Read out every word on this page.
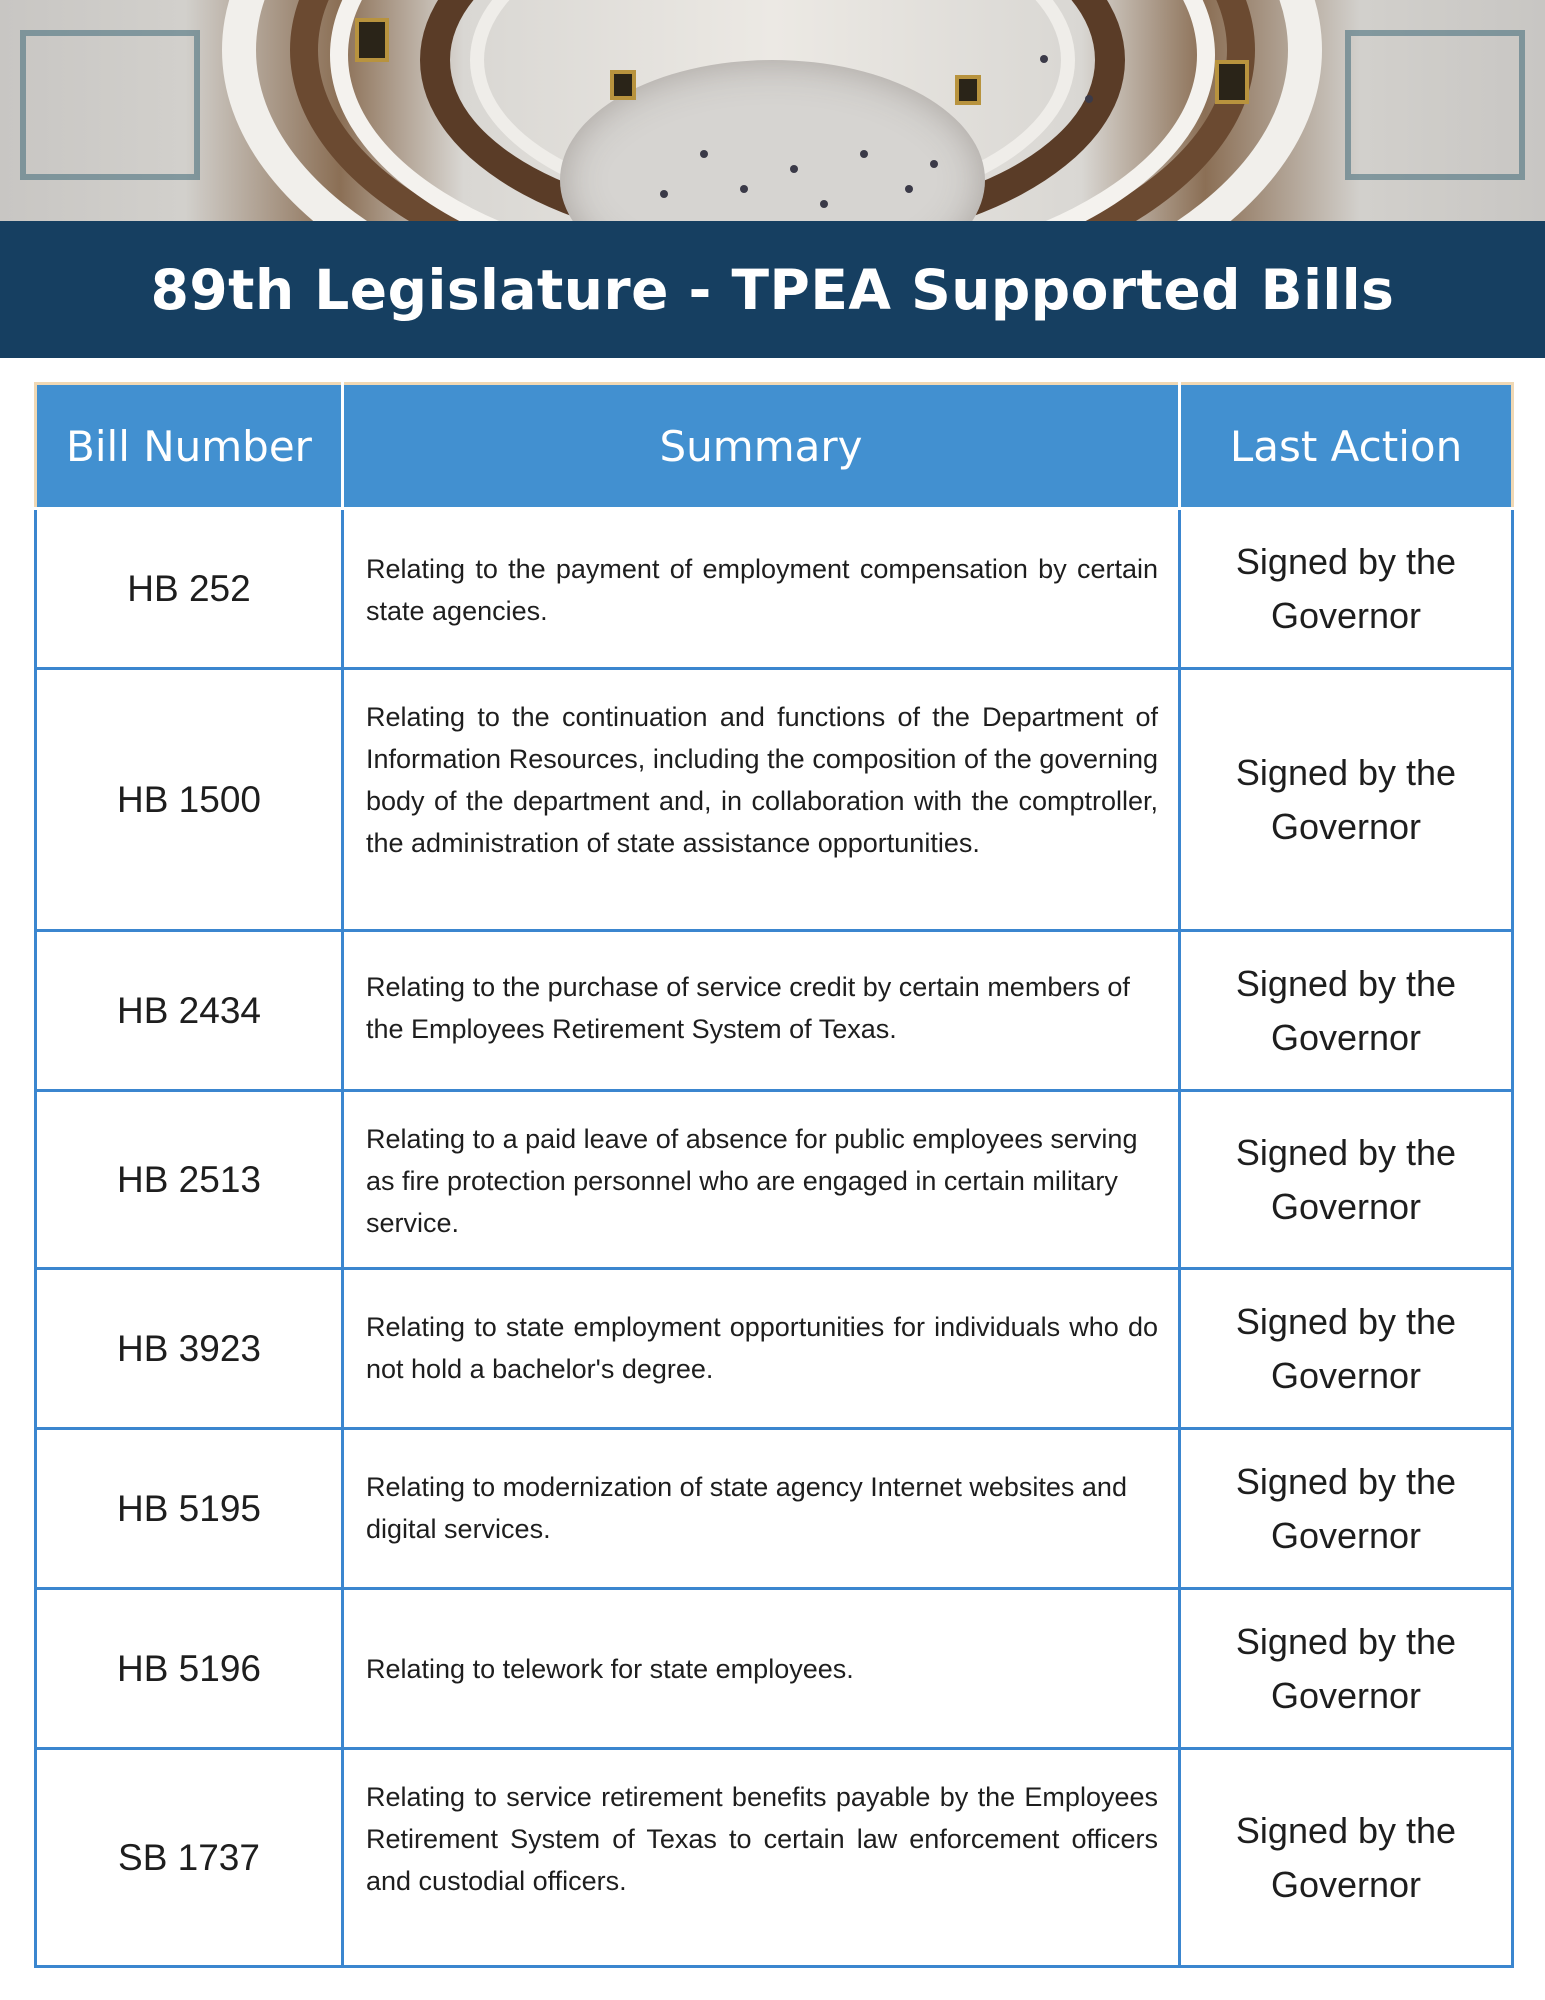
89th Legislature - TPEA Supported Bills
Bill Number	Summary	Last Action
HB 252	Relating to the payment of employment compensation by certain state agencies.	Signed by the Governor
HB 1500	Relating to the continuation and functions of the Department of Information Resources, including the composition of the governing body of the department and, in collaboration with the comptroller, the administration of state assistance opportunities.	Signed by the Governor
HB 2434	Relating to the purchase of service credit by certain members of the Employees Retirement System of Texas.	Signed by the Governor
HB 2513	Relating to a paid leave of absence for public employees serving as fire protection personnel who are engaged in certain military service.	Signed by the Governor
HB 3923	Relating to state employment opportunities for individuals who do not hold a bachelor's degree.	Signed by the Governor
HB 5195	Relating to modernization of state agency Internet websites and digital services.	Signed by the Governor
HB 5196	Relating to telework for state employees.	Signed by the Governor
SB 1737	Relating to service retirement benefits payable by the Employees Retirement System of Texas to certain law enforcement officers and custodial officers.	Signed by the Governor
